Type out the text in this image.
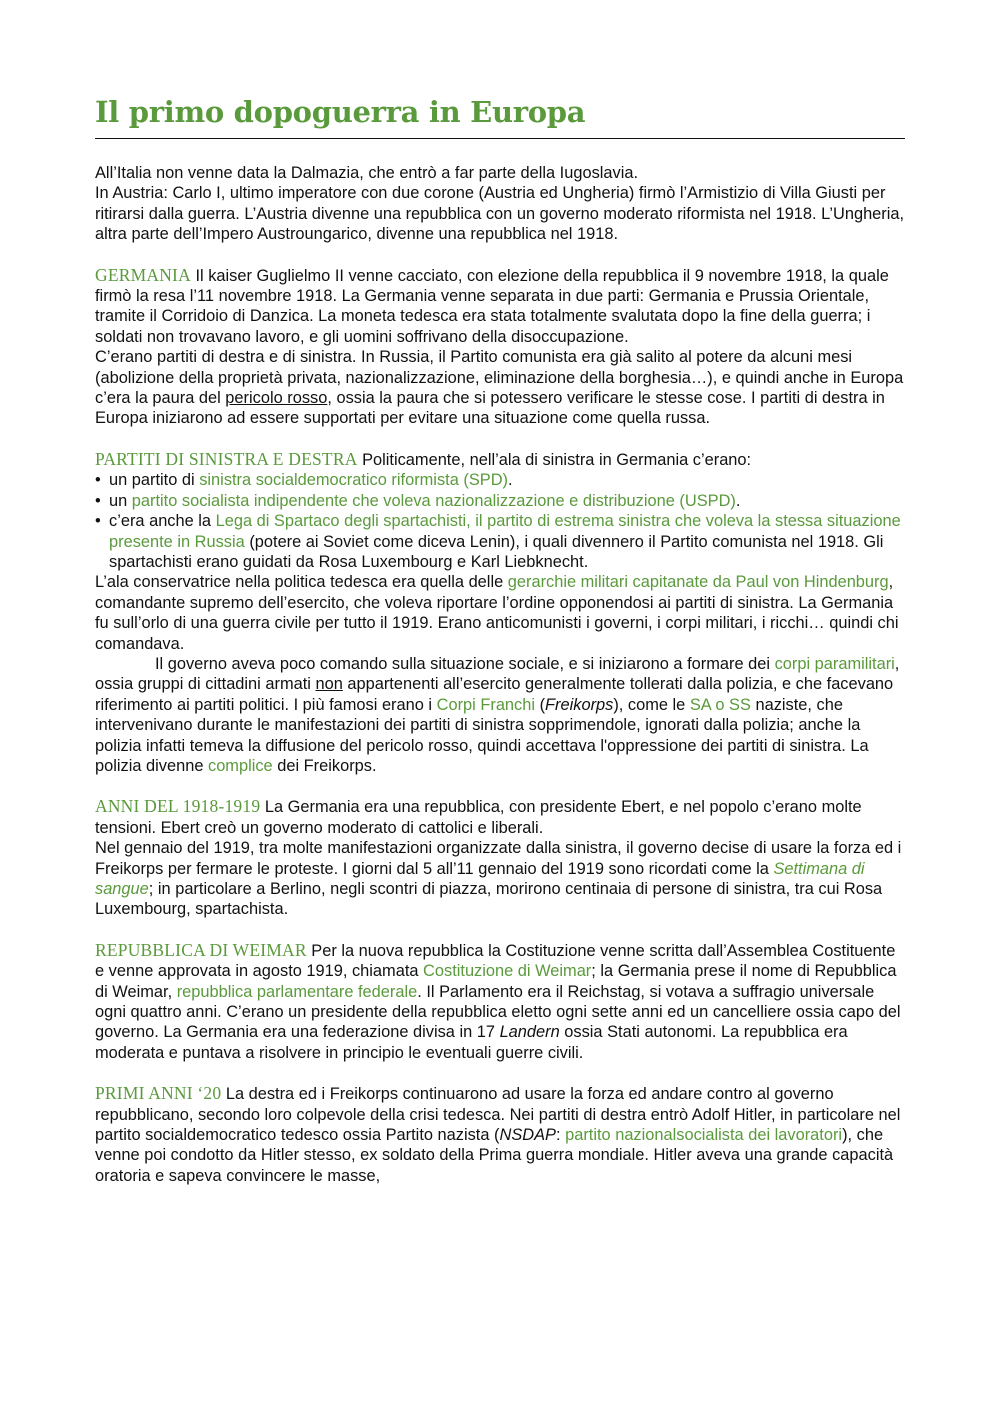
Il primo dopoguerra in Europa

All’Italia non venne data la Dalmazia, che entrò a far parte della Iugoslavia.

In Austria: Carlo I, ultimo imperatore con due corone (Austria ed Ungheria) firmò l’Armistizio di Villa Giusti per ritirarsi dalla guerra. L’Austria divenne una repubblica con un governo moderato riformista nel 1918. L’Ungheria, altra parte dell’Impero Austroungarico, divenne una repubblica nel 1918.

GERMANIA Il kaiser Guglielmo II venne cacciato, con elezione della repubblica il 9 novembre 1918, la quale firmò la resa l’11 novembre 1918. La Germania venne separata in due parti: Germania e Prussia Orientale, tramite il Corridoio di Danzica. La moneta tedesca era stata totalmente svalutata dopo la fine della guerra; i soldati non trovavano lavoro, e gli uomini soffrivano della disoccupazione.

C’erano partiti di destra e di sinistra. In Russia, il Partito comunista era già salito al potere da alcuni mesi (abolizione della proprietà privata, nazionalizzazione, eliminazione della borghesia…), e quindi anche in Europa c’era la paura del pericolo rosso, ossia la paura che si potessero verificare le stesse cose. I partiti di destra in Europa iniziarono ad essere supportati per evitare una situazione come quella russa.

PARTITI DI SINISTRA E DESTRA Politicamente, nell’ala di sinistra in Germania c’erano:

• un partito di sinistra socialdemocratico riformista (SPD).
• un partito socialista indipendente che voleva nazionalizzazione e distribuzione (USPD).
• c’era anche la Lega di Spartaco degli spartachisti, il partito di estrema sinistra che voleva la stessa situazione presente in Russia (potere ai Soviet come diceva Lenin), i quali divennero il Partito comunista nel 1918. Gli spartachisti erano guidati da Rosa Luxembourg e Karl Liebknecht.

L’ala conservatrice nella politica tedesca era quella delle gerarchie militari capitanate da Paul von Hindenburg, comandante supremo dell’esercito, che voleva riportare l’ordine opponendosi ai partiti di sinistra. La Germania fu sull’orlo di una guerra civile per tutto il 1919. Erano anticomunisti i governi, i corpi militari, i ricchi… quindi chi comandava.

Il governo aveva poco comando sulla situazione sociale, e si iniziarono a formare dei corpi paramilitari, ossia gruppi di cittadini armati non appartenenti all’esercito generalmente tollerati dalla polizia, e che facevano riferimento ai partiti politici. I più famosi erano i Corpi Franchi (Freikorps), come le SA o SS naziste, che intervenivano durante le manifestazioni dei partiti di sinistra sopprimendole, ignorati dalla polizia; anche la polizia infatti temeva la diffusione del pericolo rosso, quindi accettava l'oppressione dei partiti di sinistra. La polizia divenne complice dei Freikorps.

ANNI DEL 1918-1919 La Germania era una repubblica, con presidente Ebert, e nel popolo c’erano molte tensioni. Ebert creò un governo moderato di cattolici e liberali.

Nel gennaio del 1919, tra molte manifestazioni organizzate dalla sinistra, il governo decise di usare la forza ed i Freikorps per fermare le proteste. I giorni dal 5 all’11 gennaio del 1919 sono ricordati come la Settimana di sangue; in particolare a Berlino, negli scontri di piazza, morirono centinaia di persone di sinistra, tra cui Rosa Luxembourg, spartachista.

REPUBBLICA DI WEIMAR Per la nuova repubblica la Costituzione venne scritta dall’Assemblea Costituente e venne approvata in agosto 1919, chiamata Costituzione di Weimar; la Germania prese il nome di Repubblica di Weimar, repubblica parlamentare federale. Il Parlamento era il Reichstag, si votava a suffragio universale ogni quattro anni. C’erano un presidente della repubblica eletto ogni sette anni ed un cancelliere ossia capo del governo. La Germania era una federazione divisa in 17 Landern ossia Stati autonomi. La repubblica era moderata e puntava a risolvere in principio le eventuali guerre civili.

PRIMI ANNI ‘20 La destra ed i Freikorps continuarono ad usare la forza ed andare contro al governo repubblicano, secondo loro colpevole della crisi tedesca. Nei partiti di destra entrò Adolf Hitler, in particolare nel partito socialdemocratico tedesco ossia Partito nazista (NSDAP: partito nazionalsocialista dei lavoratori), che venne poi condotto da Hitler stesso, ex soldato della Prima guerra mondiale. Hitler aveva una grande capacità oratoria e sapeva convincere le masse,
